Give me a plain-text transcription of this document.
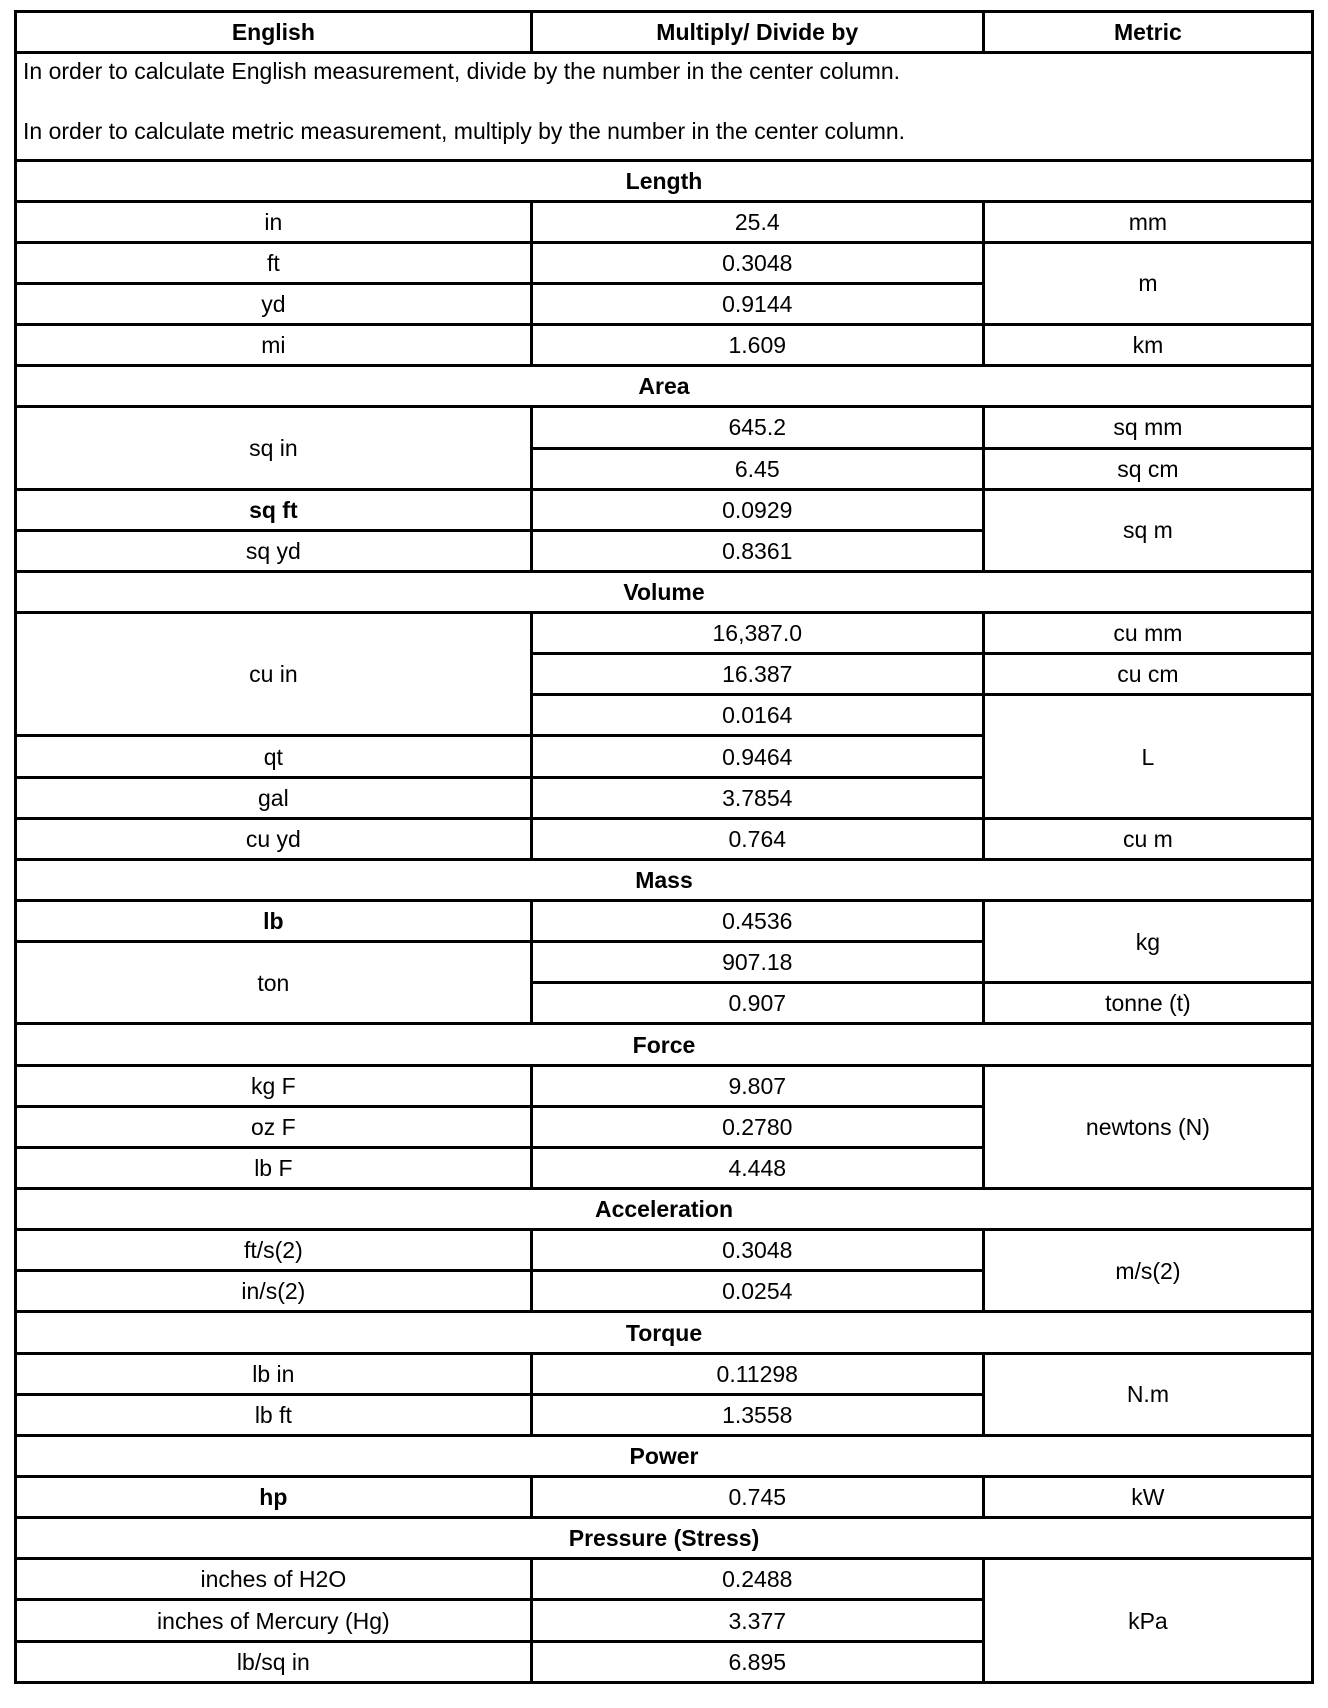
English	Multiply/ Divide by	Metric

In order to calculate English measurement, divide by the number in the center column.

In order to calculate metric measurement, multiply by the number in the center column.		

Length		
in	25.4	mm
ft	0.3048	m
yd	0.9144	
mi	1.609	km
Area		
sq in	645.2	sq mm
	6.45	sq cm
sq ft	0.0929	sq m
sq yd	0.8361	
Volume		
cu in	16,387.0	cu mm
	16.387	cu cm
	0.0164	L
qt	0.9464	
gal	3.7854	
cu yd	0.764	cu m
Mass		
lb	0.4536	kg
ton	907.18	
	0.907	tonne (t)
Force		
kg F	9.807	newtons (N)
oz F	0.2780	
lb F	4.448	
Acceleration		
ft/s(2)	0.3048	m/s(2)
in/s(2)	0.0254	
Torque		
lb in	0.11298	N.m
lb ft	1.3558	
Power		
hp	0.745	kW
Pressure (Stress)		
inches of H2O	0.2488	kPa
inches of Mercury (Hg)	3.377	
lb/sq in	6.895	
